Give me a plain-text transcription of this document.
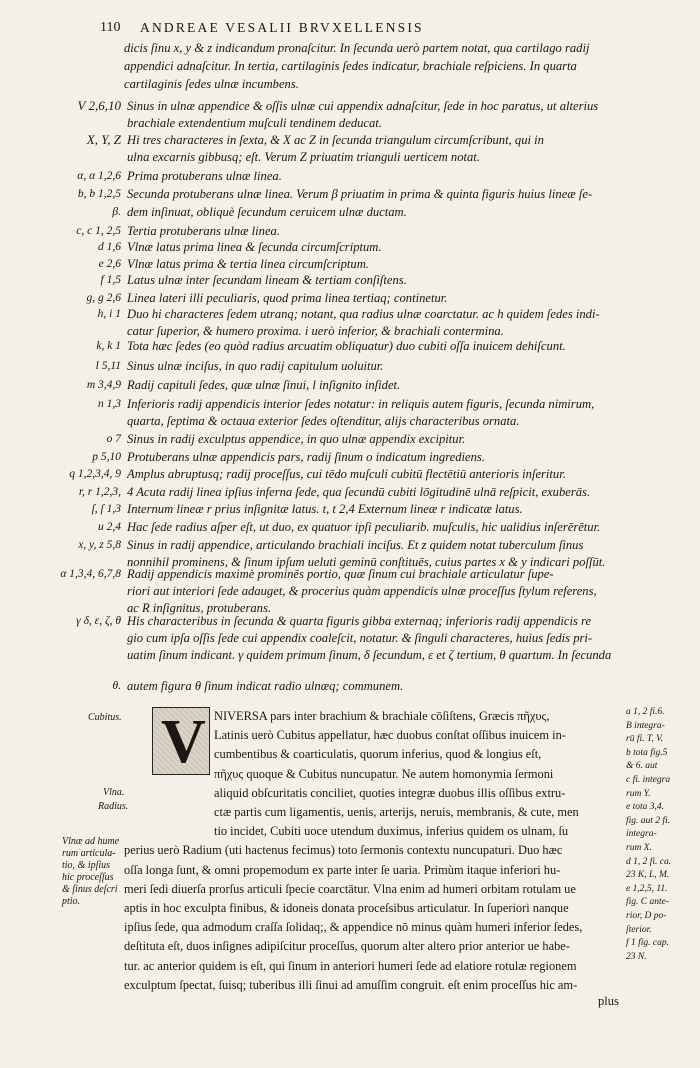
110 ANDREAE VESALII BRVXELLENSIS
dicis ſinu x, y & z indicandum pronaſcitur. In ſecunda uerò partem notat, qua cartilago radij
appendici adnaſcitur. In tertia, cartilaginis ſedes indicatur, brachiale reſpiciens. In quarta
cartilaginis ſedes ulnæ incumbens.
V 2,6,10 Sinus in ulnæ appendice & oſſis ulnæ cui appendix adnaſcitur, ſede in hoc paratus, ut alterius
brachiale extendentium muſculi tendinem deducat.
X, Y, Z Hi tres characteres in ſexta, & X ac Z in ſecunda triangulum circumſcribunt, qui in
ulna excarnis gibbusq; eſt. Verum Z priuatim trianguli uerticem notat.
α, α 1,2,6 Prima protuberans ulnæ linea.
b, b 1,2,5 Secunda protuberans ulnæ linea. Verum β priuatim in prima & quinta figuris huius lineæ ſe-
β. dem inſinuat, obliquè ſecundum ceruicem ulnæ ductam.
c, c 1, 2,5 Tertia protuberans ulnæ linea.
d 1,6 Vlnæ latus prima linea & ſecunda circumſcriptum.
e 2,6 Vlnæ latus prima & tertia linea circumſcriptum.
f 1,5 Latus ulnæ inter ſecundam lineam & tertiam conſiſtens.
g, g 2,6 Linea lateri illi peculiaris, quod prima linea tertiaq; continetur.
h, i 1 Duo hi characteres ſedem utranq; notant, qua radius ulnæ coarctatur. ac h quidem ſedes indi-
catur ſuperior, & humero proxima. i uerò inferior, & brachiali contermina.
k, k 1 Tota hæc ſedes (eo quòd radius arcuatim obliquatur) duo cubiti oſſa inuicem dehiſcunt.
l 5,11 Sinus ulnæ inciſus, in quo radij capitulum uoluitur.
m 3,4,9 Radij capituli ſedes, quæ ulnæ ſinui, l inſignito inſidet.
n 1,3 Inferioris radij appendicis interior ſedes notatur: in reliquis autem figuris, ſecunda nimirum,
quarta, ſeptima & octaua exterior ſedes oſtenditur, alijs characteribus ornata.
o 7 Sinus in radij exculptus appendice, in quo ulnæ appendix excipitur.
p 5,10 Protuberans ulnæ appendicis pars, radij ſinum o indicatum ingrediens.
q 1,2,3,4, 9 Amplus abruptusq; radij proceſſus, cui tēdo muſculi cubitū flectētiū anterioris inſeritur.
r, r 1,2,3, 4 Acuta radij linea ipſius inferna ſede, qua ſecundū cubiti lōgitudinē ulnā reſpicit, exuberās.
ſ, ſ 1,3 Internum lineæ r prius inſignitæ latus. t, t 2,4 Externum lineæ r indicatæ latus.
u 2,4 Hac ſede radius aſper eſt, ut duo, ex quatuor ipſi peculiarib. muſculis, hic ualidius inſerērētur.
x, y, z 5,8 Sinus in radij appendice, articulando brachiali inciſus. Et z quidem notat tuberculum ſinus
nonnihil prominens, & ſinum ipſum ueluti geminū conſtituēs, cuius partes x & y indicari poſſūt.
α 1,3,4, 6,7,8 Radij appendicis maximè prominēs portio, quæ ſinum cui brachiale articulatur ſupe-
riori aut interiori ſede adauget, & procerius quàm appendicis ulnæ proceſſus ſtylum referens,
ac R inſignitus, protuberans.
γ δ, ε, ζ, θ His characteribus in ſecunda & quarta figuris gibba externaq; inferioris radij appendicis re
gio cum ipſa oſſis ſede cui appendix coaleſcit, notatur. & ſinguli characteres, huius ſedis pri-
uatim ſinum indicant. γ quidem primum ſinum, δ ſecundum, ε et ζ tertium, θ quartum. In ſecunda
θ. autem figura θ ſinum indicat radio ulnæq; communem.
V NIVERSA pars inter brachium & brachiale cōſiſtens, Græcis πῆχυς,
Latinis uerò Cubitus appellatur, hæc duobus conſtat oſſibus inuicem in-
cumbentibus & coarticulatis, quorum inferius, quod & longius eſt,
πῆχυς quoque & Cubitus nuncupatur. Ne autem homonymia ſermoni
aliquid obſcuritatis conciliet, quoties integræ duobus illis oſſibus extru-
ctæ partis cum ligamentis, uenis, arterijs, neruis, membranis, & cute, men
tio incidet, Cubiti uoce utendum duximus, inferius quidem os ulnam, ſu
perius uerò Radium (uti hactenus fecimus) toto ſermonis contextu nuncupaturi. Duo hæc
oſſa longa ſunt, & omni propemodum ex parte inter ſe uaria. Primùm itaque inferiori hu-
meri ſedi diuerſa prorſus articuli ſpecie coarctātur. Vlna enim ad humeri orbitam rotulam ue
aptis in hoc exculpta finibus, & idoneis donata proceſsibus articulatur. In ſuperiori nanque
ipſius ſede, qua admodum craſſa ſolidaq;, & appendice nō minus quàm humeri inferior ſedes,
deſtituta eſt, duos inſignes adipiſcitur proceſſus, quorum alter altero prior anterior ue habe-
tur. ac anterior quidem is eſt, qui ſinum in anteriori humeri ſede ad elatiore rotulæ regionem
exculptum ſpectat, ſuisq; tuberibus illi ſinui ad amuſſim congruit. eſt enim proceſſus hic am-
Cubitus.
Vlna.
Radius.
Vlnæ ad hume rum articula- tio, & ipſius hic proceſſus & ſinus deſcri ptio.
a 1, 2 fi.6.
B integra-
rū fi. T, V.
b tota fig.5
& 6. aut
c fi. integra
rum Y.
e tota 3,4.
fig. aut 2 fi.
integra-
rum X.
d 1, 2 fi. ca.
23 K, L, M.
e 1,2,5, 11.
fig. C ante-
rior, D po-
ſterior.
f 1 fig. cap.
23 N.
plus
